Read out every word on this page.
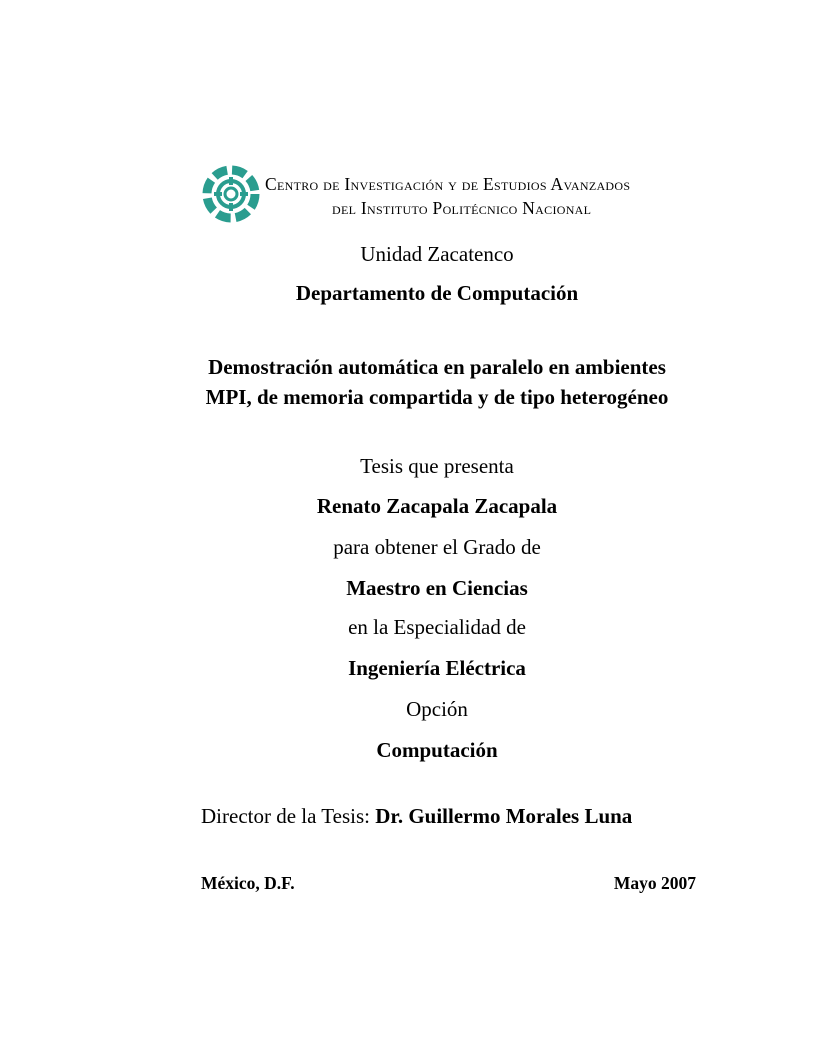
Centro de Investigación y de Estudios Avanzados
del Instituto Politécnico Nacional
Unidad Zacatenco
Departamento de Computación
Demostración automática en paralelo en ambientes
MPI, de memoria compartida y de tipo heterogéneo
Tesis que presenta
Renato Zacapala Zacapala
para obtener el Grado de
Maestro en Ciencias
en la Especialidad de
Ingeniería Eléctrica
Opción
Computación
Director de la Tesis: Dr. Guillermo Morales Luna
México, D.F.	Mayo 2007
